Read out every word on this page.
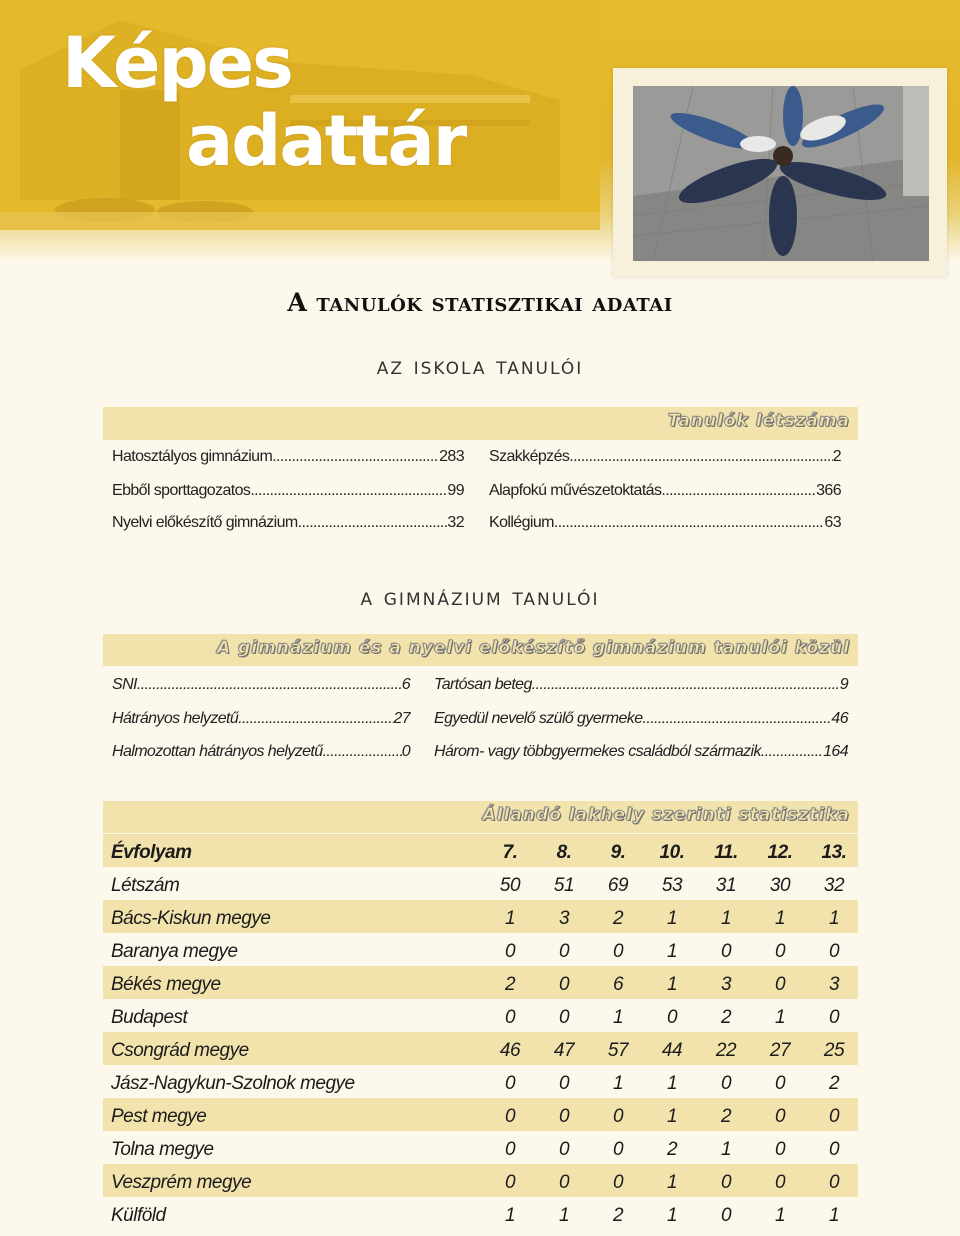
Képes
adattár
A tanulók statisztikai adatai
az iskola tanulói
Tanulók létszáma
Hatosztályos gimnázium .....	283
Ebből sporttagozatos .....	99
Nyelvi előkészítő gimnázium .....	32
Szakképzés .....	2
Alapfokú művészetoktatás .....	366
Kollégium .....	63
a gimnázium tanulói
A gimnázium és a nyelvi előkészítő gimnázium tanulói közül
SNI .....	6
Hátrányos helyzetű .....	27
Halmozottan hátrányos helyzetű .....	0
Tartósan beteg .....	9
Egyedül nevelő szülő gyermeke .....	46
Három- vagy többgyermekes családból származik .....	164
Állandó lakhely szerinti statisztika
Évfolyam	7.	8.	9.	10.	11.	12.	13.
Létszám	50	51	69	53	31	30	32
Bács-Kiskun megye	1	3	2	1	1	1	1
Baranya megye	0	0	0	1	0	0	0
Békés megye	2	0	6	1	3	0	3
Budapest	0	0	1	0	2	1	0
Csongrád megye	46	47	57	44	22	27	25
Jász-Nagykun-Szolnok megye	0	0	1	1	0	0	2
Pest megye	0	0	0	1	2	0	0
Tolna megye	0	0	0	2	1	0	0
Veszprém megye	0	0	0	1	0	0	0
Külföld	1	1	2	1	0	1	1
